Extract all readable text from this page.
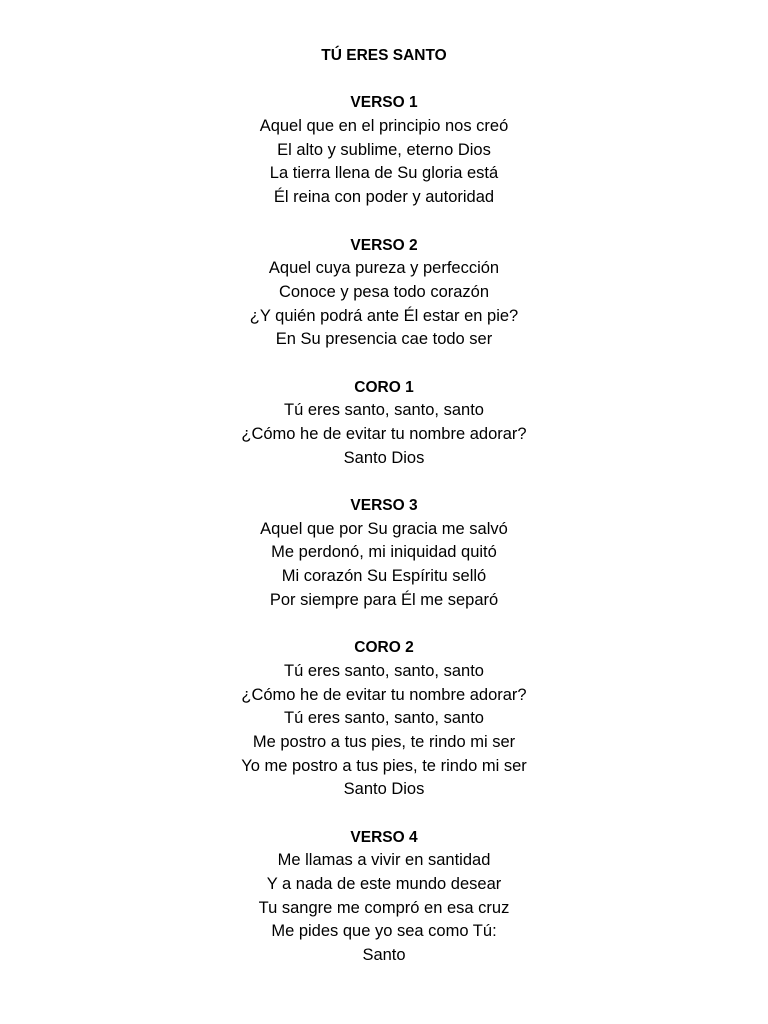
TÚ ERES SANTO

VERSO 1

Aquel que en el principio nos creó

El alto y sublime, eterno Dios

La tierra llena de Su gloria está

Él reina con poder y autoridad

VERSO 2

Aquel cuya pureza y perfección

Conoce y pesa todo corazón

¿Y quién podrá ante Él estar en pie?

En Su presencia cae todo ser

CORO 1

Tú eres santo, santo, santo

¿Cómo he de evitar tu nombre adorar?

Santo Dios

VERSO 3

Aquel que por Su gracia me salvó

Me perdonó, mi iniquidad quitó

Mi corazón Su Espíritu selló

Por siempre para Él me separó

CORO 2

Tú eres santo, santo, santo

¿Cómo he de evitar tu nombre adorar?

Tú eres santo, santo, santo

Me postro a tus pies, te rindo mi ser

Yo me postro a tus pies, te rindo mi ser

Santo Dios

VERSO 4

Me llamas a vivir en santidad

Y a nada de este mundo desear

Tu sangre me compró en esa cruz

Me pides que yo sea como Tú:

Santo
